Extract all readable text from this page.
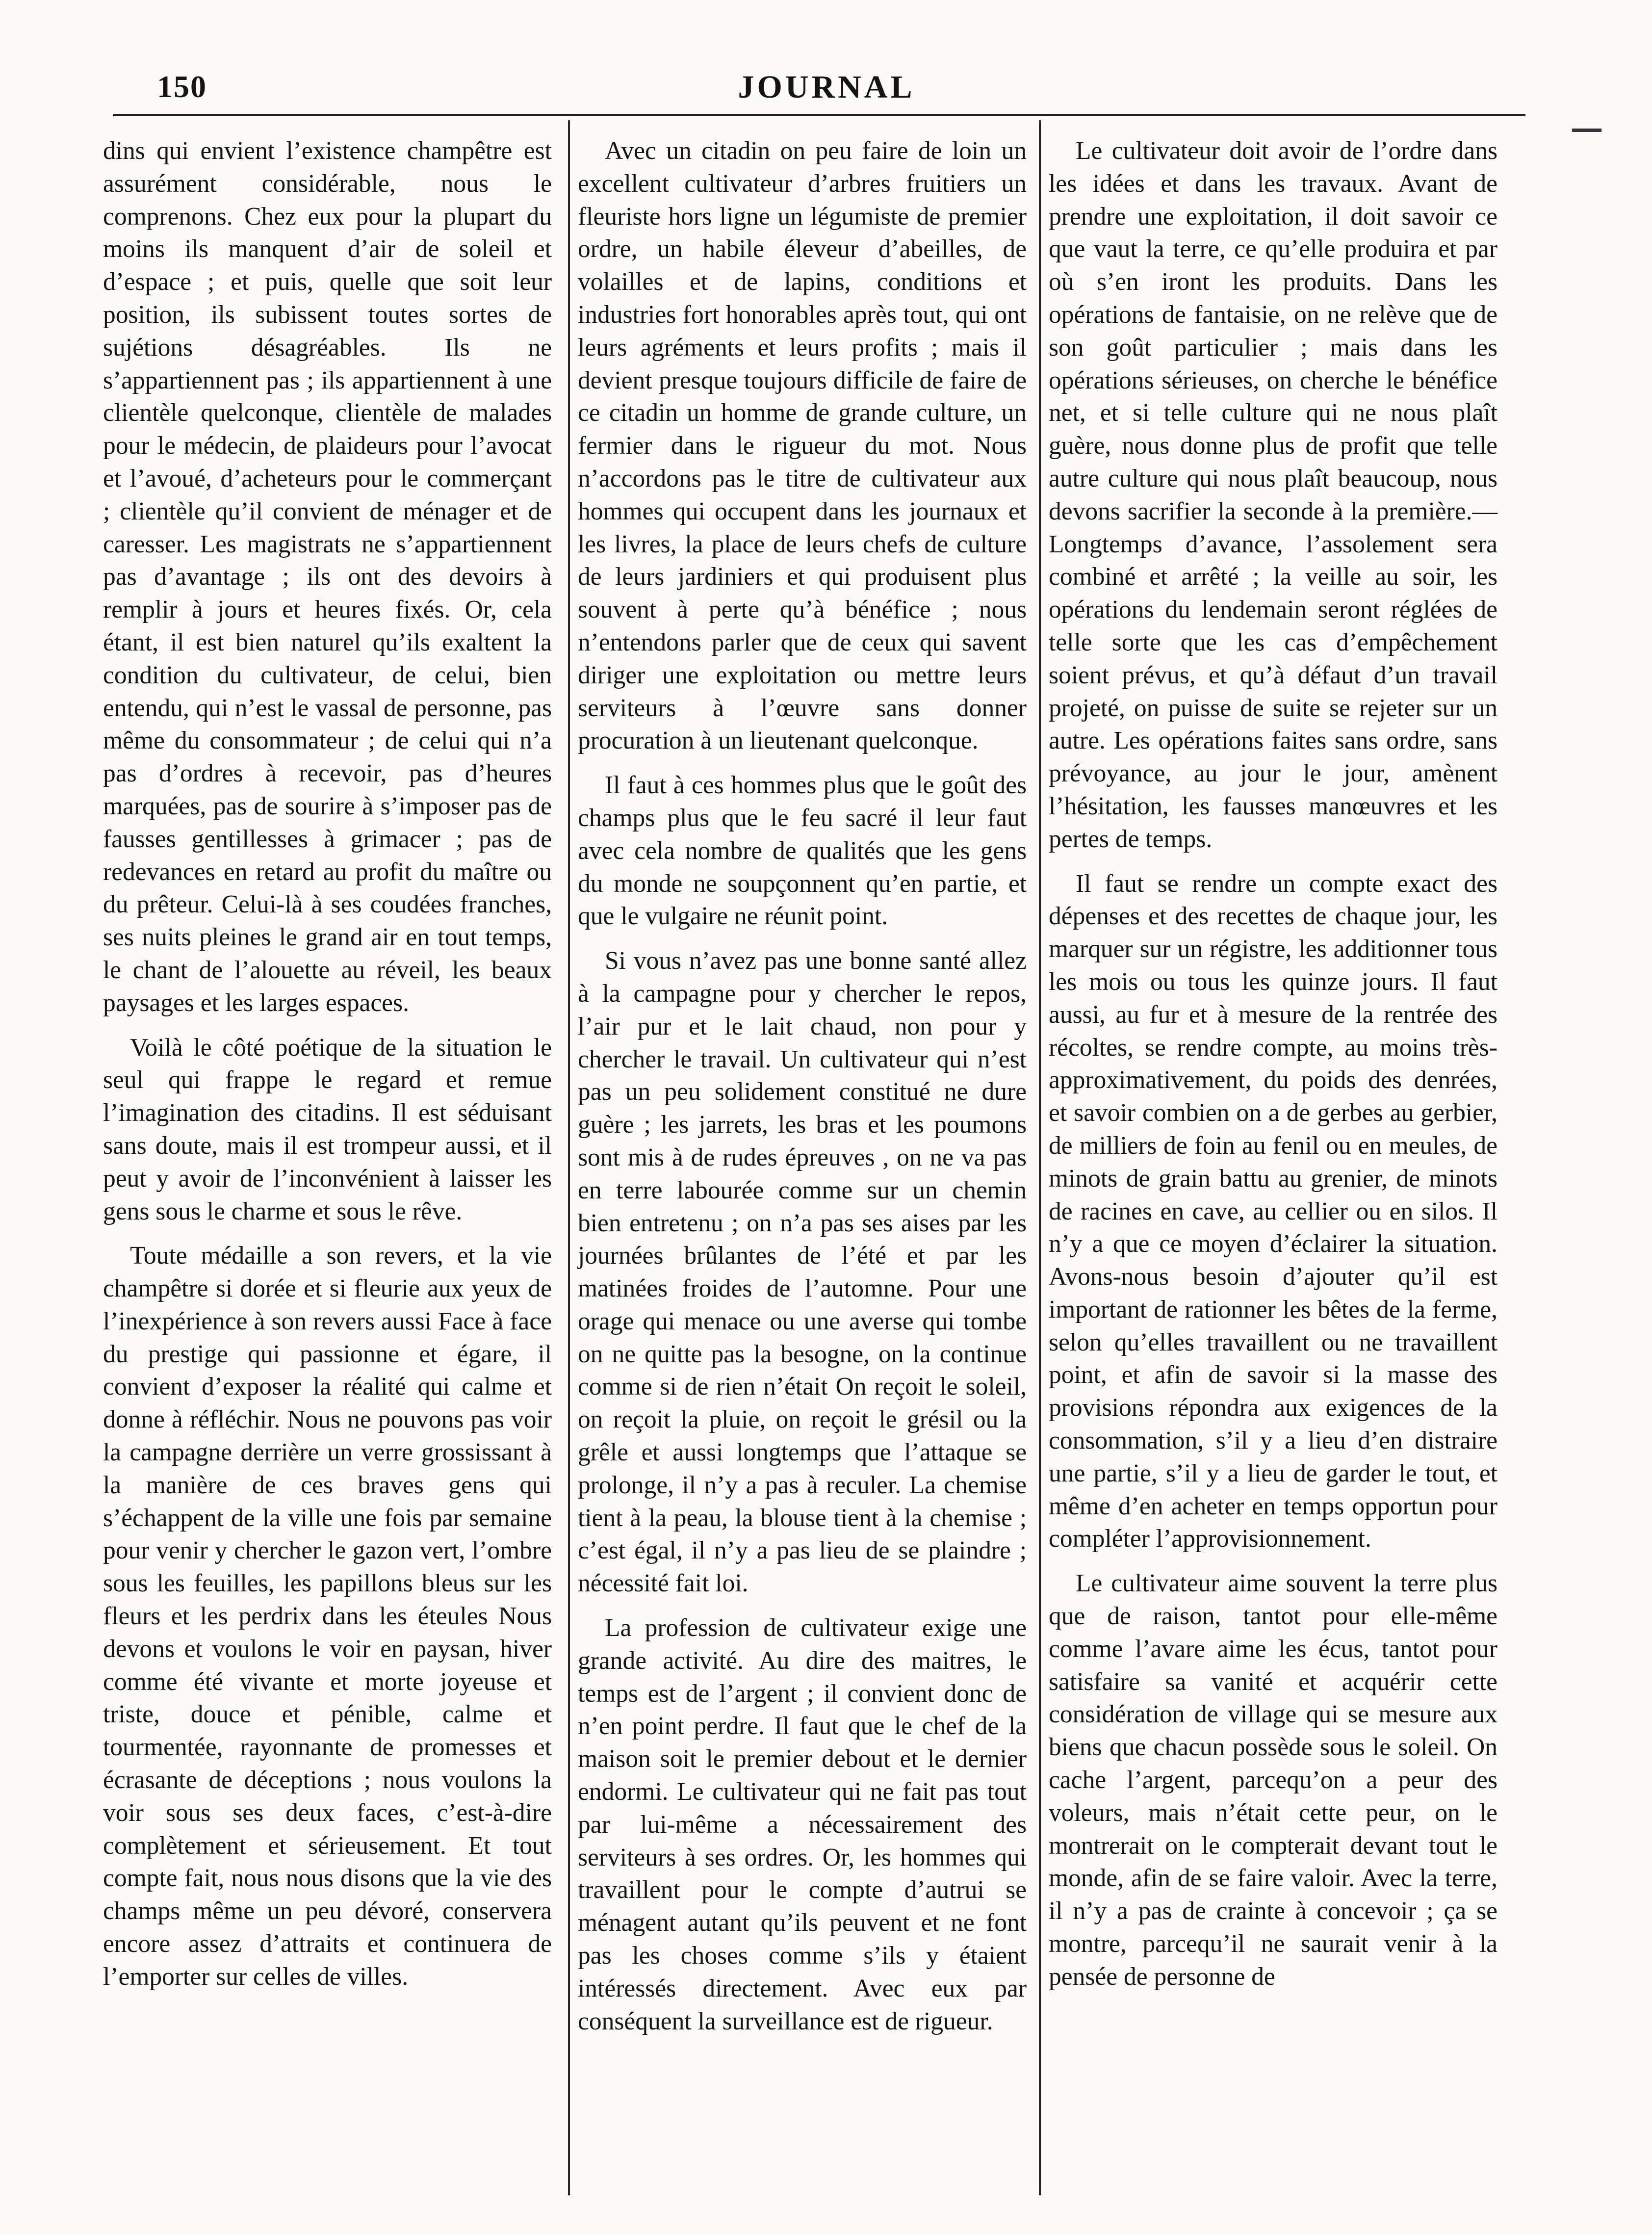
150	JOURNAL

dins qui envient l’existence champêtre est assurément considérable, nous le comprenons. Chez eux pour la plupart du moins ils manquent d’air de soleil et d’espace ; et puis, quelle que soit leur position, ils subissent toutes sortes de sujétions désagréables. Ils ne s’appartiennent pas ; ils appartiennent à une clientèle quelconque, clientèle de malades pour le médecin, de plaideurs pour l’avocat et l’avoué, d’acheteurs pour le commerçant ; clientèle qu’il convient de ménager et de caresser. Les magistrats ne s’appartiennent pas d’avantage ; ils ont des devoirs à remplir à jours et heures fixés. Or, cela étant, il est bien naturel qu’ils exaltent la condition du cultivateur, de celui, bien entendu, qui n’est le vassal de personne, pas même du consommateur ; de celui qui n’a pas d’ordres à recevoir, pas d’heures marquées, pas de sourire à s’imposer pas de fausses gentillesses à grimacer ; pas de redevances en retard au profit du maître ou du prêteur. Celui-là à ses coudées franches, ses nuits pleines le grand air en tout temps, le chant de l’alouette au réveil, les beaux paysages et les larges espaces.

Voilà le côté poétique de la situation le seul qui frappe le regard et remue l’imagination des citadins. Il est séduisant sans doute, mais il est trompeur aussi, et il peut y avoir de l’inconvénient à laisser les gens sous le charme et sous le rêve.

Toute médaille a son revers, et la vie champêtre si dorée et si fleurie aux yeux de l’inexpérience à son revers aussi Face à face du prestige qui passionne et égare, il convient d’exposer la réalité qui calme et donne à réfléchir. Nous ne pouvons pas voir la campagne derrière un verre grossissant à la manière de ces braves gens qui s’échappent de la ville une fois par semaine pour venir y chercher le gazon vert, l’ombre sous les feuilles, les papillons bleus sur les fleurs et les perdrix dans les éteules Nous devons et voulons le voir en paysan, hiver comme été vivante et morte joyeuse et triste, douce et pénible, calme et tourmentée, rayonnante de promesses et écrasante de déceptions ; nous voulons la voir sous ses deux faces, c’est-à-dire complètement et sérieusement. Et tout compte fait, nous nous disons que la vie des champs même un peu dévoré, conservera encore assez d’attraits et continuera de l’emporter sur celles de villes.

Avec un citadin on peu faire de loin un excellent cultivateur d’arbres fruitiers un fleuriste hors ligne un légumiste de premier ordre, un habile éleveur d’abeilles, de volailles et de lapins, conditions et industries fort honorables après tout, qui ont leurs agréments et leurs profits ; mais il devient presque toujours difficile de faire de ce citadin un homme de grande culture, un fermier dans le rigueur du mot. Nous n’accordons pas le titre de cultivateur aux hommes qui occupent dans les journaux et les livres, la place de leurs chefs de culture de leurs jardiniers et qui produisent plus souvent à perte qu’à bénéfice ; nous n’entendons parler que de ceux qui savent diriger une exploitation ou mettre leurs serviteurs à l’œuvre sans donner procuration à un lieutenant quelconque.

Il faut à ces hommes plus que le goût des champs plus que le feu sacré il leur faut avec cela nombre de qualités que les gens du monde ne soupçonnent qu’en partie, et que le vulgaire ne réunit point.

Si vous n’avez pas une bonne santé allez à la campagne pour y chercher le repos, l’air pur et le lait chaud, non pour y chercher le travail. Un cultivateur qui n’est pas un peu solidement constitué ne dure guère ; les jarrets, les bras et les poumons sont mis à de rudes épreuves , on ne va pas en terre labourée comme sur un chemin bien entretenu ; on n’a pas ses aises par les journées brûlantes de l’été et par les matinées froides de l’automne. Pour une orage qui menace ou une averse qui tombe on ne quitte pas la besogne, on la continue comme si de rien n’était On reçoit le soleil, on reçoit la pluie, on reçoit le grésil ou la grêle et aussi longtemps que l’attaque se prolonge, il n’y a pas à reculer. La chemise tient à la peau, la blouse tient à la chemise ; c’est égal, il n’y a pas lieu de se plaindre ; nécessité fait loi.

La profession de cultivateur exige une grande activité. Au dire des maitres, le temps est de l’argent ; il convient donc de n’en point perdre. Il faut que le chef de la maison soit le premier debout et le dernier endormi. Le cultivateur qui ne fait pas tout par lui-même a nécessairement des serviteurs à ses ordres. Or, les hommes qui travaillent pour le compte d’autrui se ménagent autant qu’ils peuvent et ne font pas les choses comme s’ils y étaient intéressés directement. Avec eux par conséquent la surveillance est de rigueur.

Le cultivateur doit avoir de l’ordre dans les idées et dans les travaux. Avant de prendre une exploitation, il doit savoir ce que vaut la terre, ce qu’elle produira et par où s’en iront les produits. Dans les opérations de fantaisie, on ne relève que de son goût particulier ; mais dans les opérations sérieuses, on cherche le bénéfice net, et si telle culture qui ne nous plaît guère, nous donne plus de profit que telle autre culture qui nous plaît beaucoup, nous devons sacrifier la seconde à la première.—Longtemps d’avance, l’assolement sera combiné et arrêté ; la veille au soir, les opérations du lendemain seront réglées de telle sorte que les cas d’empêchement soient prévus, et qu’à défaut d’un travail projeté, on puisse de suite se rejeter sur un autre. Les opérations faites sans ordre, sans prévoyance, au jour le jour, amènent l’hésitation, les fausses manœuvres et les pertes de temps.

Il faut se rendre un compte exact des dépenses et des recettes de chaque jour, les marquer sur un régistre, les additionner tous les mois ou tous les quinze jours. Il faut aussi, au fur et à mesure de la rentrée des récoltes, se rendre compte, au moins très-approximativement, du poids des denrées, et savoir combien on a de gerbes au gerbier, de milliers de foin au fenil ou en meules, de minots de grain battu au grenier, de minots de racines en cave, au cellier ou en silos. Il n’y a que ce moyen d’éclairer la situation. Avons-nous besoin d’ajouter qu’il est important de rationner les bêtes de la ferme, selon qu’elles travaillent ou ne travaillent point, et afin de savoir si la masse des provisions répondra aux exigences de la consommation, s’il y a lieu d’en distraire une partie, s’il y a lieu de garder le tout, et même d’en acheter en temps opportun pour compléter l’approvisionnement.

Le cultivateur aime souvent la terre plus que de raison, tantot pour elle-même comme l’avare aime les écus, tantot pour satisfaire sa vanité et acquérir cette considération de village qui se mesure aux biens que chacun possède sous le soleil. On cache l’argent, parcequ’on a peur des voleurs, mais n’était cette peur, on le montrerait on le compterait devant tout le monde, afin de se faire valoir. Avec la terre, il n’y a pas de crainte à concevoir ; ça se montre, parcequ’il ne saurait venir à la pensée de personne de
